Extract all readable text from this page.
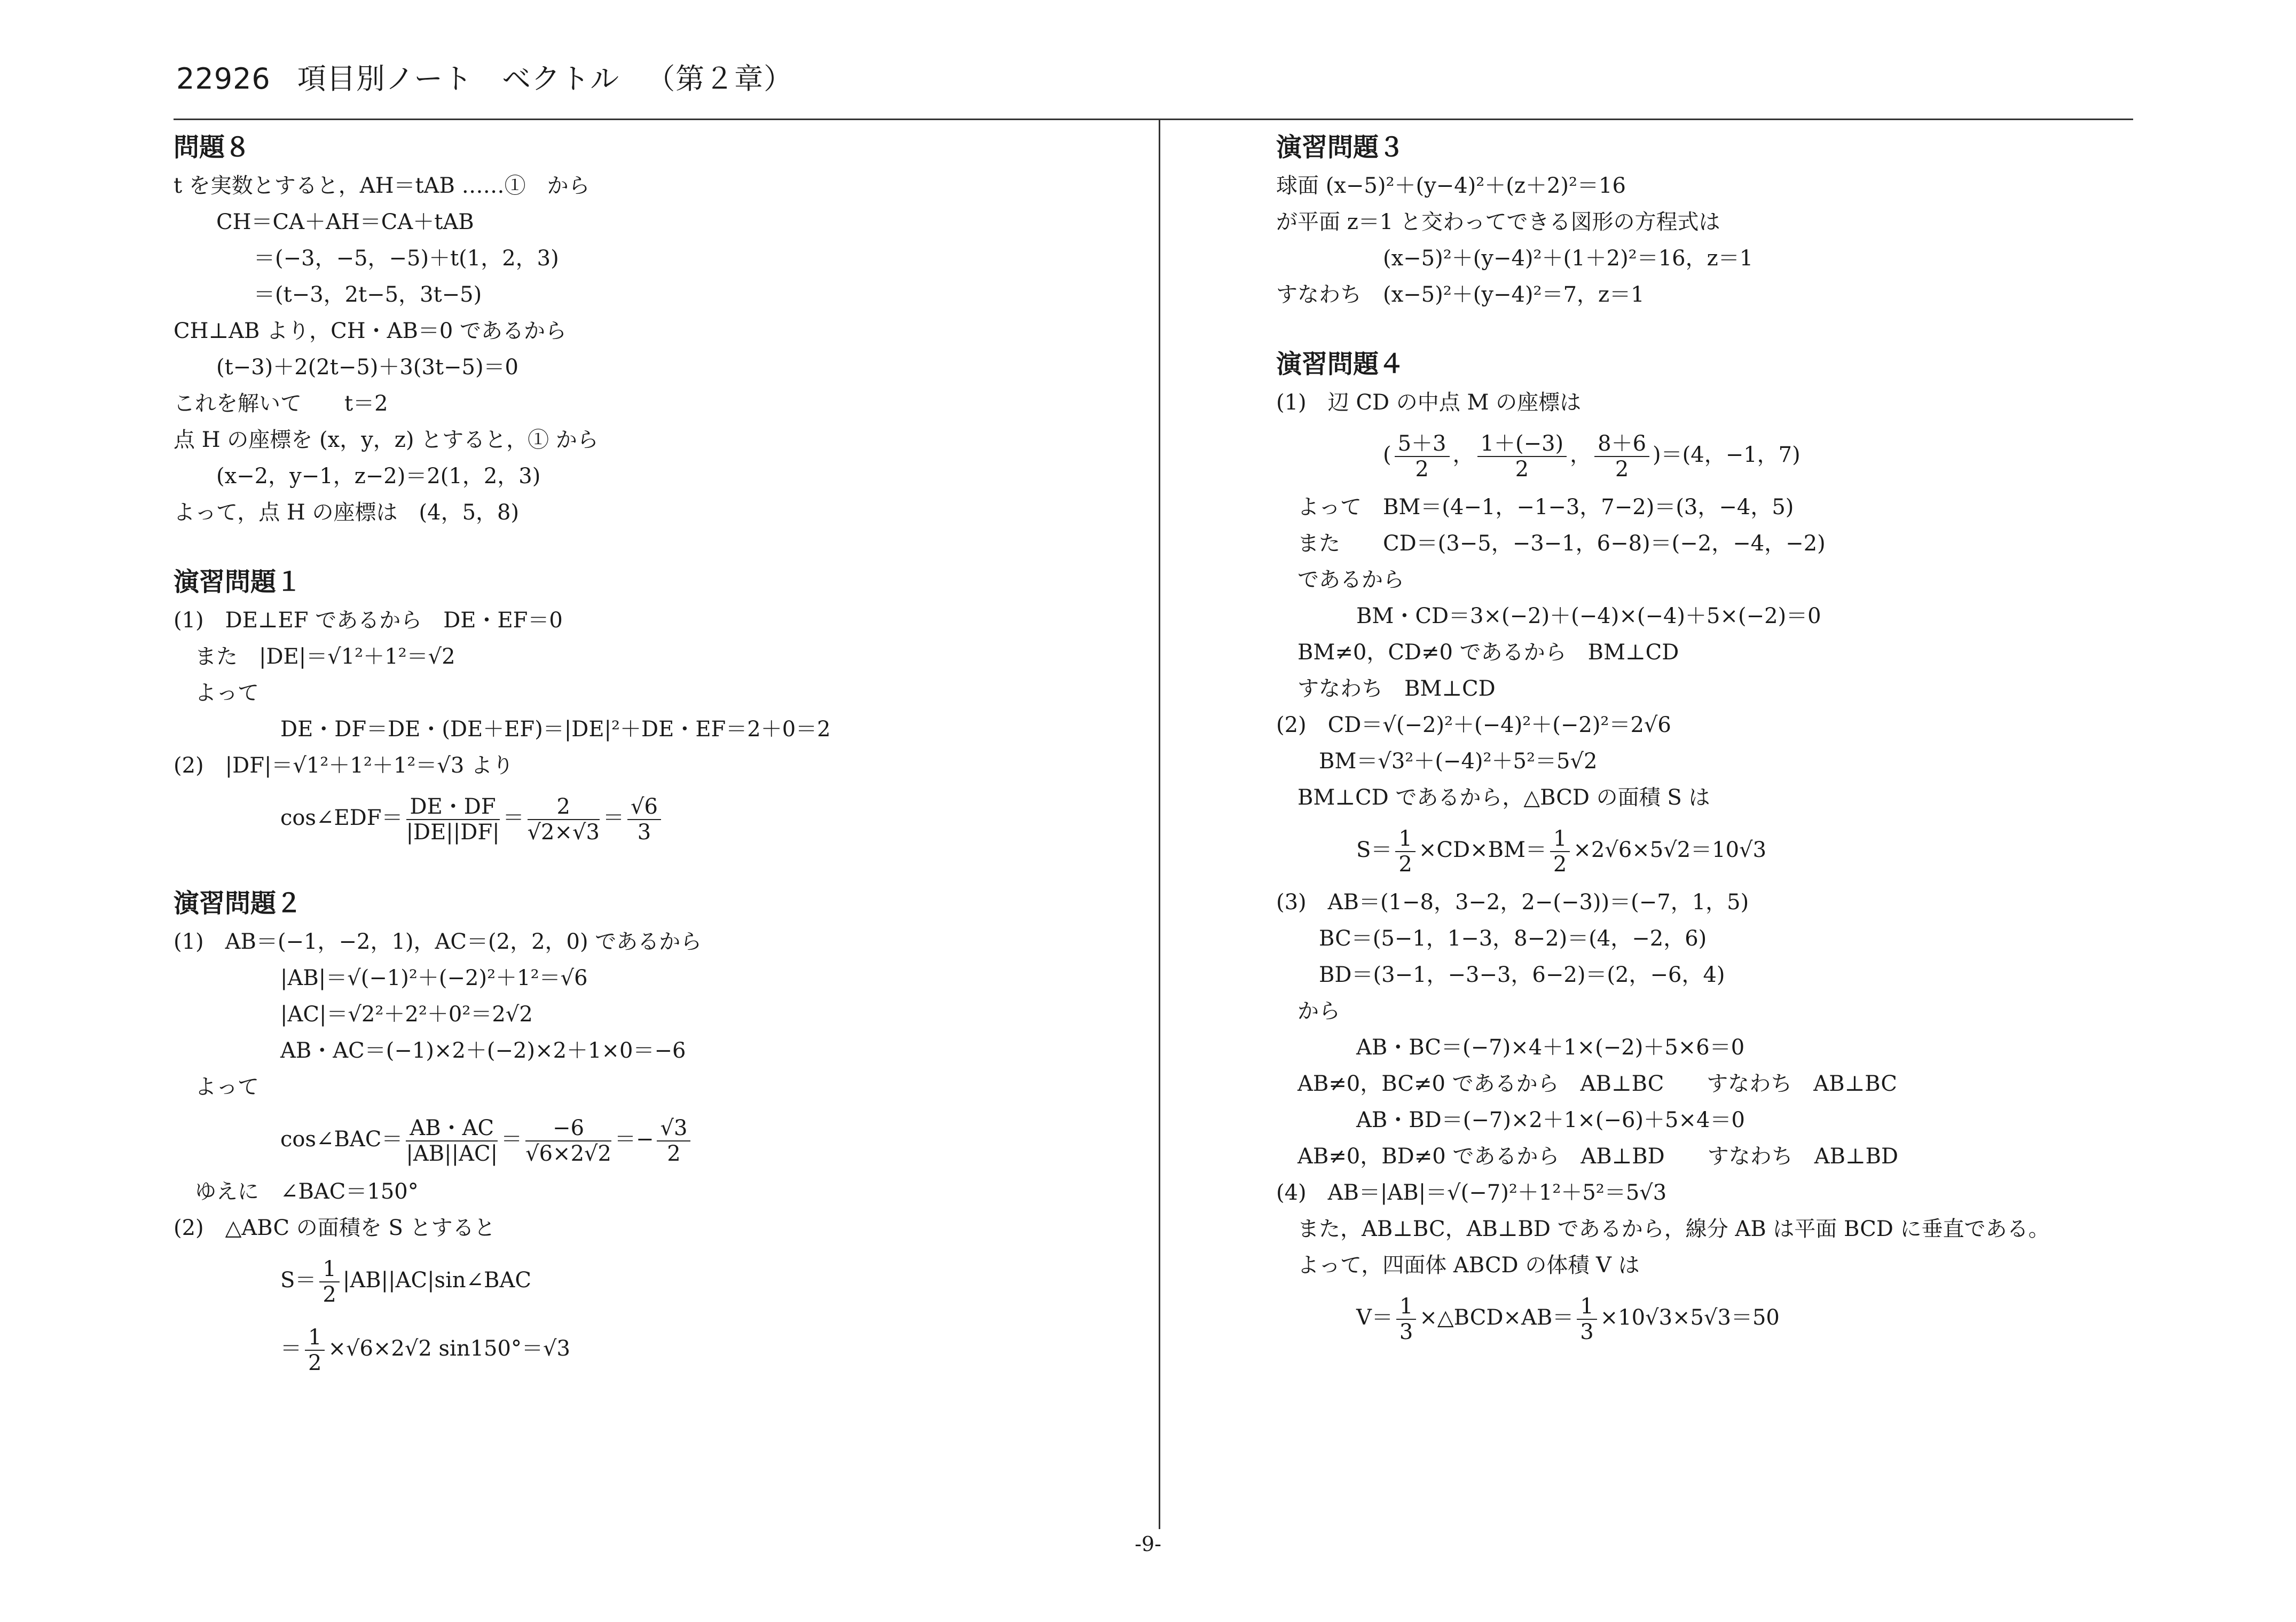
22926 項目別ノート　ベクトル （第２章）
問題８
t を実数とすると，AH＝tAB ……①　から
CH＝CA＋AH＝CA＋tAB
＝(−3，−5，−5)＋t(1，2，3)
＝(t−3，2t−5，3t−5)
CH⊥AB より，CH・AB＝0 であるから
(t−3)＋2(2t−5)＋3(3t−5)＝0
これを解いて　　t＝2
点 H の座標を (x，y，z) とすると，① から
(x−2，y−1，z−2)＝2(1，2，3)
よって，点 H の座標は　(4，5，8)
演習問題１
(1)　DE⊥EF であるから　DE・EF＝0
また　|DE|＝√1²＋1²＝√2
よって
DE・DF＝DE・(DE＋EF)＝|DE|²＋DE・EF＝2＋0＝2
(2)　|DF|＝√1²＋1²＋1²＝√3 より
cos∠EDF＝ $\frac{DE・DF}{|DE||DF|} = \frac{2}{√2\times√3} = \frac{√6}{3}$
演習問題２
(1)　AB＝(−1，−2，1)，AC＝(2，2，0) であるから
|AB|＝√(−1)²＋(−2)²＋1²＝√6
|AC|＝√2²＋2²＋0²＝2√2
AB・AC＝(−1)×2＋(−2)×2＋1×0＝−6
よって
cos∠BAC＝ $\frac{AB・AC}{|AB||AC|} = \frac{-6}{√6\times 2√2} =- \frac{√3}{2}$
ゆえに　∠BAC＝150°
(2)　△ABC の面積を S とすると
$S= \frac{1}{2}$ |AB||AC|sin∠BAC
＝ $\frac{1}{2} \times√6\times 2√2$ sin150°＝√3
演習問題３
球面 (x−5)²＋(y−4)²＋(z＋2)²＝16
が平面 z＝1 と交わってできる図形の方程式は
(x−5)²＋(y−4)²＋(1＋2)²＝16，z＝1
すなわち　(x−5)²＋(y−4)²＝7，z＝1
演習問題４
(1)　辺 CD の中点 M の座標は
( $\frac{5+3}{2}$ ， $\frac{1+(-3)}{2}$ ， $\frac{8+6}{2} )=(4$，−1，7)
よって　BM＝(4−1，−1−3，7−2)＝(3，−4，5)
また　　CD＝(3−5，−3−1，6−8)＝(−2，−4，−2)
であるから
BM・CD＝3×(−2)＋(−4)×(−4)＋5×(−2)＝0
BM≠0，CD≠0 であるから　BM⊥CD
すなわち　BM⊥CD
(2)　CD＝√(−2)²＋(−4)²＋(−2)²＝2√6
BM＝√3²＋(−4)²＋5²＝5√2
BM⊥CD であるから，△BCD の面積 S は
$S= \frac{1}{2} \times CD\times BM= \frac{1}{2} \times 2√6\times 5√2=10√3$
(3)　AB＝(1−8，3−2，2−(−3))＝(−7，1，5)
BC＝(5−1，1−3，8−2)＝(4，−2，6)
BD＝(3−1，−3−3，6−2)＝(2，−6，4)
から
AB・BC＝(−7)×4＋1×(−2)＋5×6＝0
AB≠0，BC≠0 であるから　AB⊥BC　　すなわち　AB⊥BC
AB・BD＝(−7)×2＋1×(−6)＋5×4＝0
AB≠0，BD≠0 であるから　AB⊥BD　　すなわち　AB⊥BD
(4)　AB＝|AB|＝√(−7)²＋1²＋5²＝5√3
また，AB⊥BC，AB⊥BD であるから，線分 AB は平面 BCD に垂直である。
よって，四面体 ABCD の体積 V は
$V= \frac{1}{3}$ ×△BCD×AB＝ $\frac{1}{3} \times 10√3\times 5√3=50$
-9-
